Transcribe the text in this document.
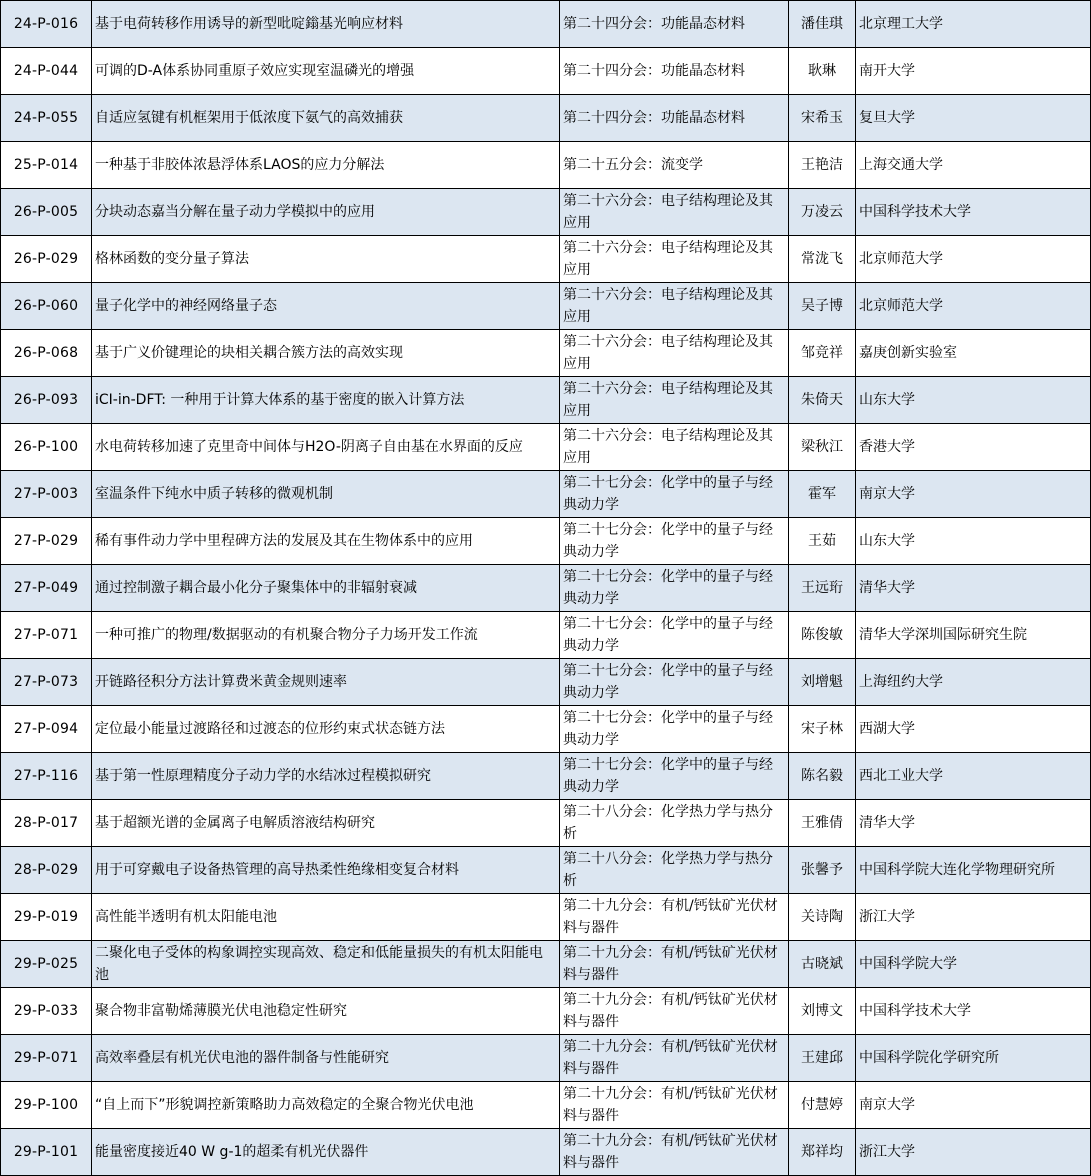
24-P-016	基于电荷转移作用诱导的新型吡啶鎓基光响应材料	第二十四分会：功能晶态材料	潘佳琪	北京理工大学
24-P-044	可调的D-A体系协同重原子效应实现室温磷光的增强	第二十四分会：功能晶态材料	耿琳	南开大学
24-P-055	自适应氢键有机框架用于低浓度下氨气的高效捕获	第二十四分会：功能晶态材料	宋希玉	复旦大学
25-P-014	一种基于非胶体浓悬浮体系LAOS的应力分解法	第二十五分会：流变学	王艳洁	上海交通大学
26-P-005	分块动态嘉当分解在量子动力学模拟中的应用	第二十六分会：电子结构理论及其应用	万凌云	中国科学技术大学
26-P-029	格林函数的变分量子算法	第二十六分会：电子结构理论及其应用	常泷飞	北京师范大学
26-P-060	量子化学中的神经网络量子态	第二十六分会：电子结构理论及其应用	吴子博	北京师范大学
26-P-068	基于广义价键理论的块相关耦合簇方法的高效实现	第二十六分会：电子结构理论及其应用	邹竞祥	嘉庚创新实验室
26-P-093	iCI-in-DFT: 一种用于计算大体系的基于密度的嵌入计算方法	第二十六分会：电子结构理论及其应用	朱倚天	山东大学
26-P-100	水电荷转移加速了克里奇中间体与H2O-阴离子自由基在水界面的反应	第二十六分会：电子结构理论及其应用	梁秋江	香港大学
27-P-003	室温条件下纯水中质子转移的微观机制	第二十七分会：化学中的量子与经典动力学	霍军	南京大学
27-P-029	稀有事件动力学中里程碑方法的发展及其在生物体系中的应用	第二十七分会：化学中的量子与经典动力学	王茹	山东大学
27-P-049	通过控制激子耦合最小化分子聚集体中的非辐射衰减	第二十七分会：化学中的量子与经典动力学	王远珩	清华大学
27-P-071	一种可推广的物理/数据驱动的有机聚合物分子力场开发工作流	第二十七分会：化学中的量子与经典动力学	陈俊敏	清华大学深圳国际研究生院
27-P-073	开链路径积分方法计算费米黄金规则速率	第二十七分会：化学中的量子与经典动力学	刘增魁	上海纽约大学
27-P-094	定位最小能量过渡路径和过渡态的位形约束式状态链方法	第二十七分会：化学中的量子与经典动力学	宋子林	西湖大学
27-P-116	基于第一性原理精度分子动力学的水结冰过程模拟研究	第二十七分会：化学中的量子与经典动力学	陈名毅	西北工业大学
28-P-017	基于超额光谱的金属离子电解质溶液结构研究	第二十八分会：化学热力学与热分析	王雅倩	清华大学
28-P-029	用于可穿戴电子设备热管理的高导热柔性绝缘相变复合材料	第二十八分会：化学热力学与热分析	张馨予	中国科学院大连化学物理研究所
29-P-019	高性能半透明有机太阳能电池	第二十九分会：有机/钙钛矿光伏材料与器件	关诗陶	浙江大学
29-P-025	二聚化电子受体的构象调控实现高效、稳定和低能量损失的有机太阳能电池	第二十九分会：有机/钙钛矿光伏材料与器件	古晓斌	中国科学院大学
29-P-033	聚合物非富勒烯薄膜光伏电池稳定性研究	第二十九分会：有机/钙钛矿光伏材料与器件	刘博文	中国科学技术大学
29-P-071	高效率叠层有机光伏电池的器件制备与性能研究	第二十九分会：有机/钙钛矿光伏材料与器件	王建邱	中国科学院化学研究所
29-P-100	“自上而下”形貌调控新策略助力高效稳定的全聚合物光伏电池	第二十九分会：有机/钙钛矿光伏材料与器件	付慧婷	南京大学
29-P-101	能量密度接近40 W g-1的超柔有机光伏器件	第二十九分会：有机/钙钛矿光伏材料与器件	郑祥均	浙江大学
